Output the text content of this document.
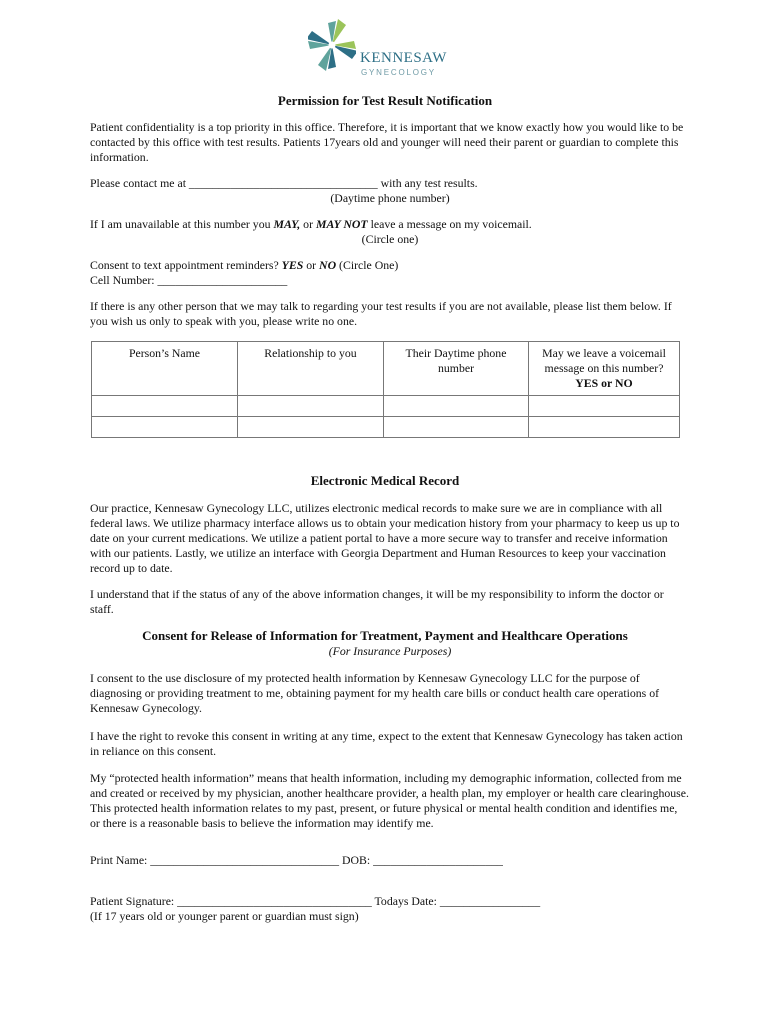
KENNESAW
GYNECOLOGY
Permission for Test Result Notification

Patient confidentiality is a top priority in this office. Therefore, it is important that we know exactly how you would like to be contacted by this office with test results. Patients 17years old and younger will need their parent or guardian to complete this information.

Please contact me at ________________________________ with any test results.

(Daytime phone number)

If I am unavailable at this number you MAY, or MAY NOT leave a message on my voicemail.

(Circle one)

Consent to text appointment reminders? YES or NO (Circle One)

Cell Number: ______________________

If there is any other person that we may talk to regarding your test results if you are not available, please list them below. If you wish us only to speak with you, please write no one.

Person’s Name	Relationship to you	Their Daytime phone number	May we leave a voicemail message on this number?
YES or NO

Electronic Medical Record

Our practice, Kennesaw Gynecology LLC, utilizes electronic medical records to make sure we are in compliance with all federal laws. We utilize pharmacy interface allows us to obtain your medication history from your pharmacy to keep us up to date on your current medications. We utilize a patient portal to have a more secure way to transfer and receive information with our patients. Lastly, we utilize an interface with Georgia Department and Human Resources to keep your vaccination record up to date.

I understand that if the status of any of the above information changes, it will be my responsibility to inform the doctor or staff.

Consent for Release of Information for Treatment, Payment and Healthcare Operations
(For Insurance Purposes)

I consent to the use disclosure of my protected health information by Kennesaw Gynecology LLC for the purpose of diagnosing or providing treatment to me, obtaining payment for my health care bills or conduct health care operations of Kennesaw Gynecology.

I have the right to revoke this consent in writing at any time, expect to the extent that Kennesaw Gynecology has taken action in reliance on this consent.

My “protected health information” means that health information, including my demographic information, collected from me and created or received by my physician, another healthcare provider, a health plan, my employer or health care clearinghouse. This protected health information relates to my past, present, or future physical or mental health condition and identifies me, or there is a reasonable basis to believe the information may identify me.

Print Name: ________________________________ DOB: ______________________

Patient Signature: _________________________________ Todays Date: _________________

(If 17 years old or younger parent or guardian must sign)
